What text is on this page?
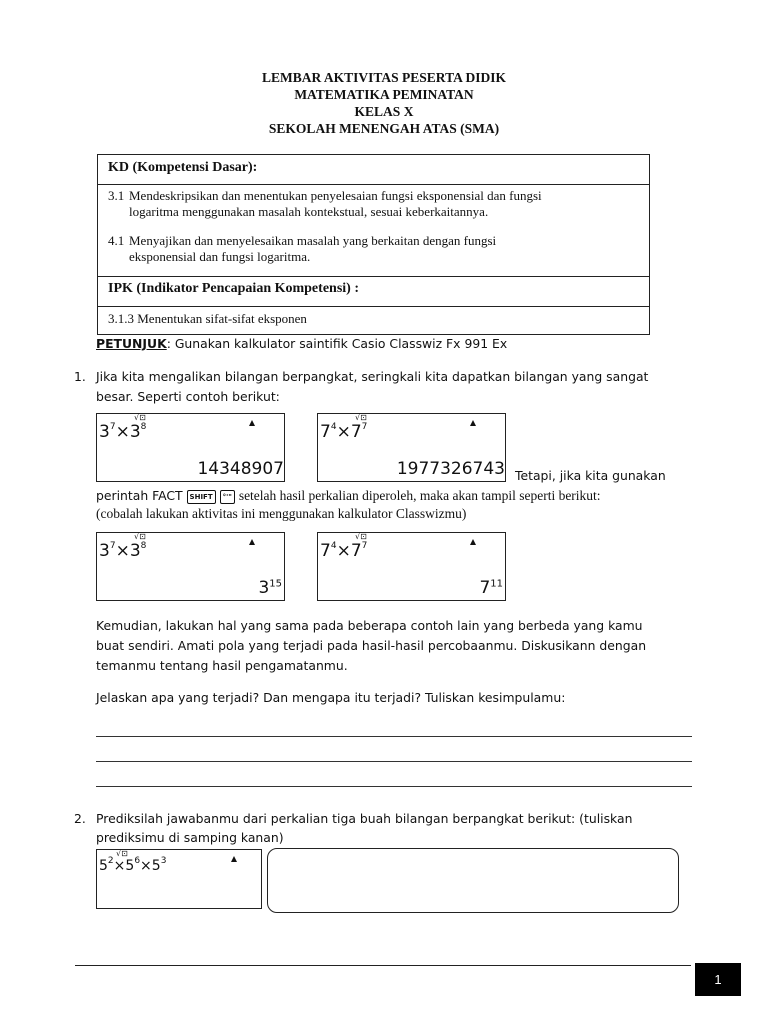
LEMBAR AKTIVITAS PESERTA DIDIK
MATEMATIKA PEMINATAN
KELAS X
SEKOLAH MENENGAH ATAS (SMA)
KD (Kompetensi Dasar):
3.1 Mendeskripsikan dan menentukan penyelesaian fungsi eksponensial dan fungsi
logaritma menggunakan masalah kontekstual, sesuai keberkaitannya.
4.1 Menyajikan dan menyelesaikan masalah yang berkaitan dengan fungsi
eksponensial dan fungsi logaritma.
IPK (Indikator Pencapaian Kompetensi) :
3.1.3 Menentukan sifat-sifat eksponen
PETUNJUK: Gunakan kalkulator saintifik Casio Classwiz Fx 991 Ex
1. Jika kita mengalikan bilangan berpangkat, seringkali kita dapatkan bilangan yang sangat
besar. Seperti contoh berikut:
√⊡
$3^7\times 3^8$
14348907
√⊡
$7^4\times 7^7$
1977326743 Tetapi, jika kita gunakan
perintah FACT SHIFT °'" setelah hasil perkalian diperoleh, maka akan tampil seperti berikut:
(cobalah lakukan aktivitas ini menggunakan kalkulator Classwizmu)
√⊡
$3^7\times 3^8$
$3^{15}$
√⊡
$7^4\times 7^7$
$7^{11}$
Kemudian, lakukan hal yang sama pada beberapa contoh lain yang berbeda yang kamu
buat sendiri. Amati pola yang terjadi pada hasil-hasil percobaanmu. Diskusikann dengan
temanmu tentang hasil pengamatanmu.
Jelaskan apa yang terjadi? Dan mengapa itu terjadi? Tuliskan kesimpulamu:
2. Prediksilah jawabanmu dari perkalian tiga buah bilangan berpangkat berikut: (tuliskan
prediksimu di samping kanan)
√⊡
$5^2\times 5^6\times 5^3$
1
